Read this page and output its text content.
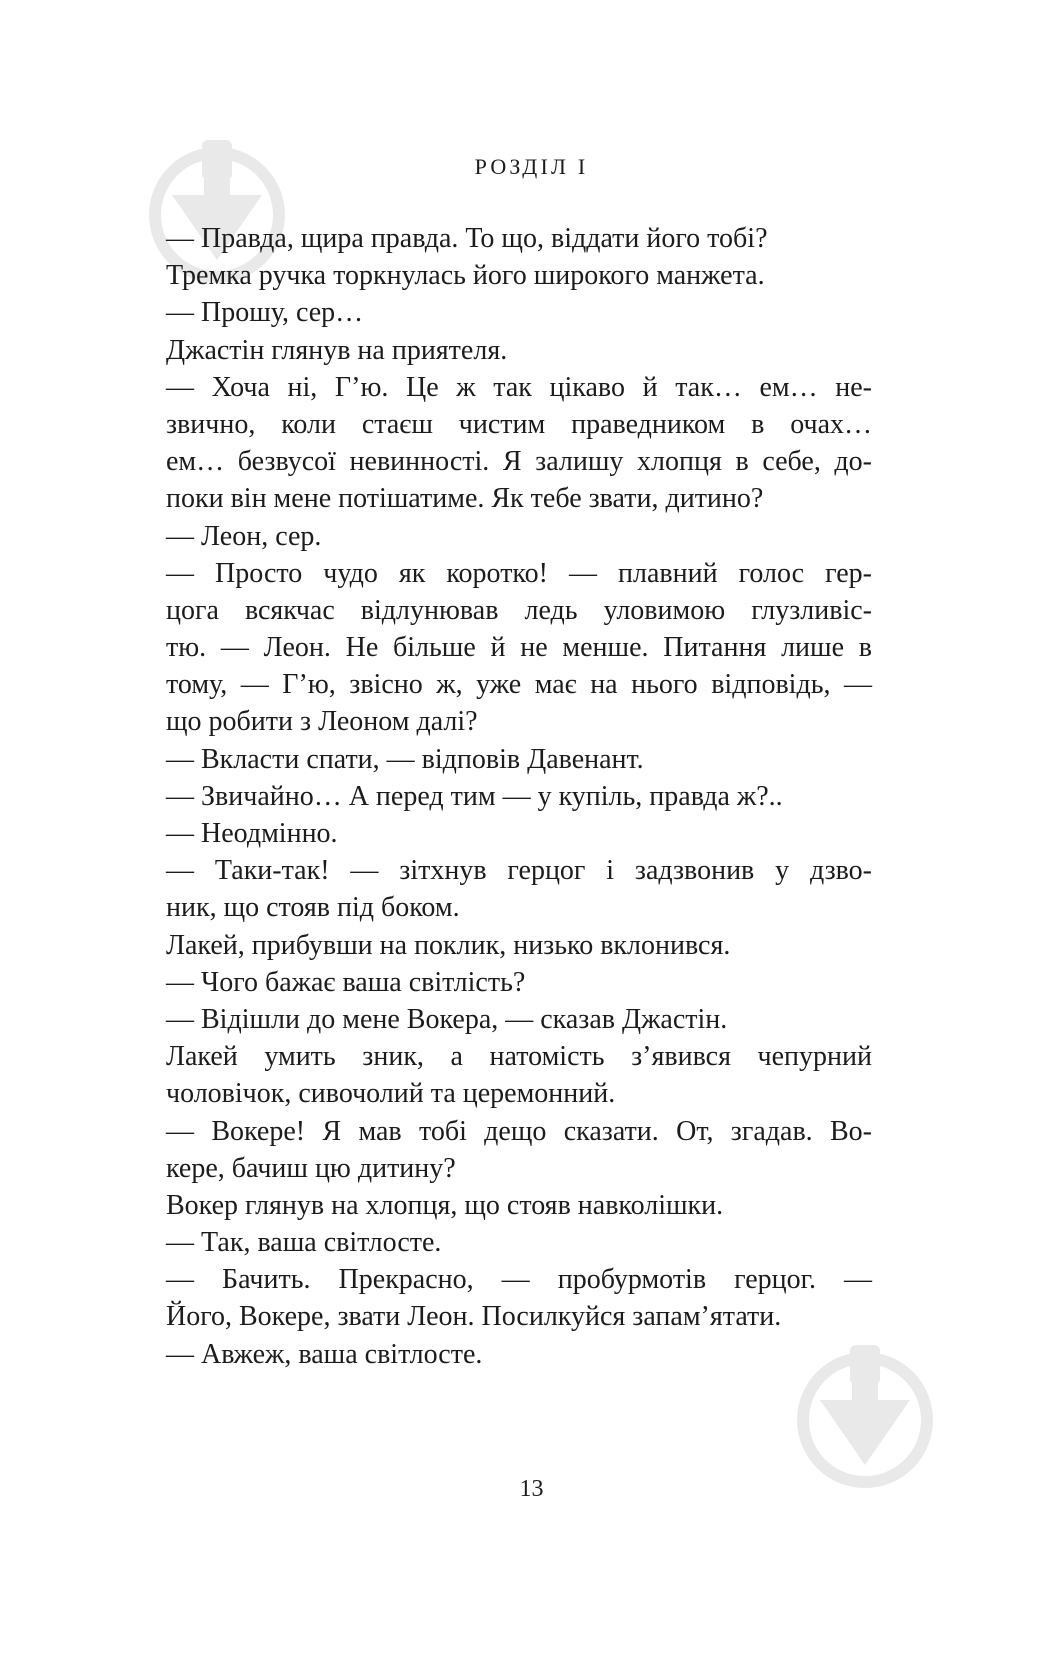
РОЗДІЛ I
— Правда, щира правда. То що, віддати його тобі?
Тремка ручка торкнулась його широкого манжета.
— Прошу, сер…
Джастін глянув на приятеля.
— Хоча ні, Г’ю. Це ж так цікаво й так… ем… не-
звично, коли стаєш чистим праведником в очах…
ем… безвусої невинності. Я залишу хлопця в себе, до-
поки він мене потішатиме. Як тебе звати, дитино?
— Леон, сер.
— Просто чудо як коротко! — плавний голос гер-
цога всякчас відлунював ледь уловимою глузливіс-
тю. — Леон. Не більше й не менше. Питання лише в
тому, — Г’ю, звісно ж, уже має на нього відповідь, —
що робити з Леоном далі?
— Вкласти спати, — відповів Давенант.
— Звичайно… А перед тим — у купіль, правда ж?..
— Неодмінно.
— Таки-так! — зітхнув герцог і задзвонив у дзво-
ник, що стояв під боком.
Лакей, прибувши на поклик, низько вклонився.
— Чого бажає ваша світлість?
— Відішли до мене Вокера, — сказав Джастін.
Лакей умить зник, а натомість з’явився чепурний
чоловічок, сивочолий та церемонний.
— Вокере! Я мав тобі дещо сказати. От, згадав. Во-
кере, бачиш цю дитину?
Вокер глянув на хлопця, що стояв навколішки.
— Так, ваша світлосте.
— Бачить. Прекрасно, — пробурмотів герцог. —
Його, Вокере, звати Леон. Посилкуйся запам’ятати.
— Авжеж, ваша світлосте.
13
